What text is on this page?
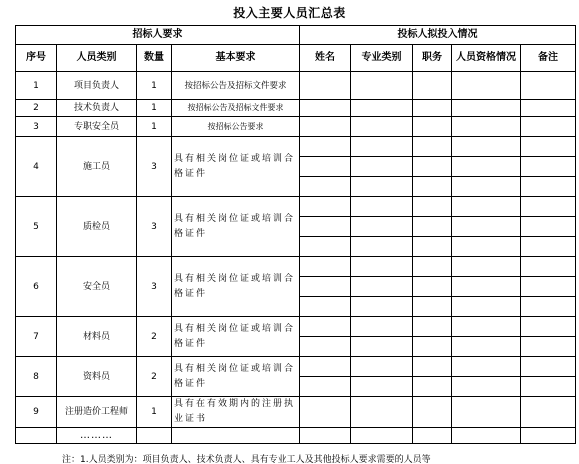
投入主要人员汇总表
招标人要求				投标人拟投入情况				
序号	人员类别	数量	基本要求	姓名	专业类别	职务	人员资格情况	备注
1	项目负责人	1	按招标公告及招标文件要求					
2	技术负责人	1	按招标公告及招标文件要求					
3	专职安全员	1	按招标公告要求					
4	施工员	3	具有相关岗位证或培训合格证件					

5	质检员	3	具有相关岗位证或培训合格证件					

6	安全员	3	具有相关岗位证或培训合格证件					

7	材料员	2	具有相关岗位证或培训合格证件					

8	资料员	2	具有相关岗位证或培训合格证件					

9	注册造价工程师	1	具有在有效期内的注册执业证书					
	………							
注：1.人员类别为：项目负责人、技术负责人、具有专业工人及其他投标人要求需要的人员等
